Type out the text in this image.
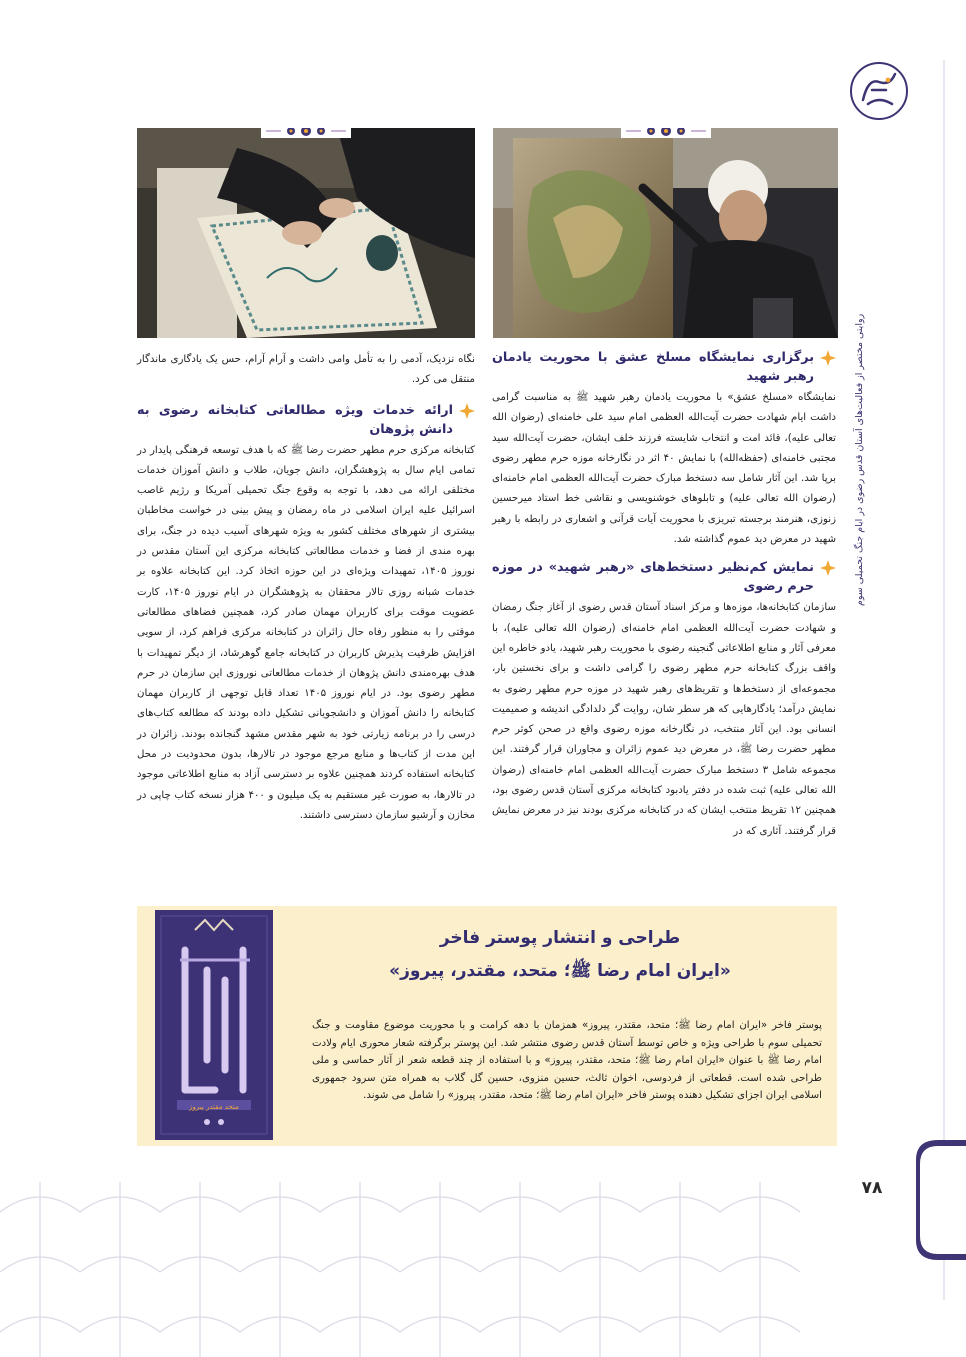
روایتی مختصر از فعالیت‌های آستان قدس رضوی در ایام جنگ تحمیلی سوم
۷۸
برگزاری نمایشگاه مسلخ عشق با محوریت یادمان رهبر شهید

نمایشگاه «مسلخ عشق» با محوریت یادمان رهبر شهید ﷺ به مناسبت گرامی داشت ایام شهادت حضرت آیت‌الله العظمی امام سید علی خامنه‌ای (رضوان الله تعالی علیه)، قائد امت و انتخاب شایسته فرزند خلف ایشان، حضرت آیت‌الله سید مجتبی خامنه‌ای (حفظه‌الله) با نمایش ۴۰ اثر در نگارخانه موزه حرم مطهر رضوی برپا شد. این آثار شامل سه دستخط مبارک حضرت آیت‌الله العظمی امام خامنه‌ای (رضوان الله تعالی علیه) و تابلوهای خوشنویسی و نقاشی خط استاد میرحسین زنوزی، هنرمند برجسته تبریزی با محوریت آیات قرآنی و اشعاری در رابطه با رهبر شهید در معرض دید عموم گذاشته شد.

نمایش کم‌نظیر دستخط‌های «رهبر شهید» در موزه حرم رضوی

سازمان کتابخانه‌ها، موزه‌ها و مرکز اسناد آستان قدس رضوی از آغاز جنگ رمضان و شهادت حضرت آیت‌الله العظمی امام خامنه‌ای (رضوان الله تعالی علیه)، با معرفی آثار و منابع اطلاعاتی گنجینه رضوی با محوریت رهبر شهید، یادو خاطره این واقف بزرگ کتابخانه حرم مطهر رضوی را گرامی داشت و برای نخستین بار، مجموعه‌ای از دستخط‌ها و تقریظ‌های رهبر شهید در موزه حرم مطهر رضوی به نمایش درآمد؛ یادگارهایی که هر سطر شان، روایت گر دلدادگی اندیشه و صمیمیت انسانی بود. این آثار منتخب، در نگارخانه موزه رضوی واقع در صحن کوثر حرم مطهر حضرت رضا ﷺ، در معرض دید عموم زائران و مجاوران قرار گرفتند. این مجموعه شامل ۳ دستخط مبارک حضرت آیت‌الله العظمی امام خامنه‌ای (رضوان الله تعالی علیه) ثبت شده در دفتر یادبود کتابخانه مرکزی آستان قدس رضوی بود، همچنین ۱۲ تقریظ منتخب ایشان که در کتابخانه مرکزی بودند نیز در معرض نمایش قرار گرفتند. آثاری که در

نگاه نزدیک، آدمی را به تأمل وامی داشت و آرام آرام، حس یک یادگاری ماندگار منتقل می کرد.

ارائه خدمات ویژه مطالعاتی کتابخانه رضوی به دانش پژوهان

کتابخانه مرکزی حرم مطهر حضرت رضا ﷺ که با هدف توسعه فرهنگی پایدار در تمامی ایام سال به پژوهشگران، دانش جویان، طلاب و دانش آموزان خدمات مختلفی ارائه می دهد، با توجه به وقوع جنگ تحمیلی آمریکا و رژیم غاصب اسرائیل علیه ایران اسلامی در ماه رمضان و پیش بینی در خواست مخاطبان بیشتری از شهرهای مختلف کشور به ویژه شهرهای آسیب دیده در جنگ، برای بهره مندی از فضا و خدمات مطالعاتی کتابخانه مرکزی این آستان مقدس در نوروز ۱۴۰۵، تمهیدات ویژه‌ای در این حوزه اتخاذ کرد. این کتابخانه علاوه بر خدمات شبانه روزی تالار محققان به پژوهشگران در ایام نوروز ۱۴۰۵، کارت عضویت موقت برای کاربران مهمان صادر کرد، همچنین فضاهای مطالعاتی موقتی را به منظور رفاه حال زائران در کتابخانه مرکزی فراهم کرد، از سویی افزایش ظرفیت پذیرش کاربران در کتابخانه جامع گوهرشاد، از دیگر تمهیدات با هدف بهره‌مندی دانش پژوهان از خدمات مطالعاتی نوروزی این سازمان در حرم مطهر رضوی بود. در ایام نوروز ۱۴۰۵ تعداد قابل توجهی از کاربران مهمان کتابخانه را دانش آموزان و دانشجویانی تشکیل داده بودند که مطالعه کتاب‌های درسی را در برنامه زیارتی خود به شهر مقدس مشهد گنجانده بودند. زائران در این مدت از کتاب‌ها و منابع مرجع موجود در تالارها، بدون محدودیت در محل کتابخانه استفاده کردند همچنین علاوه بر دسترسی آزاد به منابع اطلاعاتی موجود در تالارها، به صورت غیر مستقیم به یک میلیون و ۴۰۰ هزار نسخه کتاب چاپی در مخازن و آرشیو سازمان دسترسی داشتند.

متحد مقتدر پیروز
طراحی و انتشار پوستر فاخر
«ایران امام رضا ﷺ؛ متحد، مقتدر، پیروز»
پوستر فاخر «ایران امام رضا ﷺ؛ متحد، مقتدر، پیروز» همزمان با دهه کرامت و با محوریت موضوع مقاومت و جنگ تحمیلی سوم با طراحی ویژه و خاص توسط آستان قدس رضوی منتشر شد. این پوستر برگرفته شعار محوری ایام ولادت امام رضا ﷺ با عنوان «ایران امام رضا ﷺ؛ متحد، مقتدر، پیروز» و با استفاده از چند قطعه شعر از آثار حماسی و ملی طراحی شده است. قطعاتی از فردوسی، اخوان ثالث، حسین منزوی، حسین گل گلاب به همراه متن سرود جمهوری اسلامی ایران اجزای تشکیل دهنده پوستر فاخر «ایران امام رضا ﷺ؛ متحد، مقتدر، پیروز» را شامل می شوند.
